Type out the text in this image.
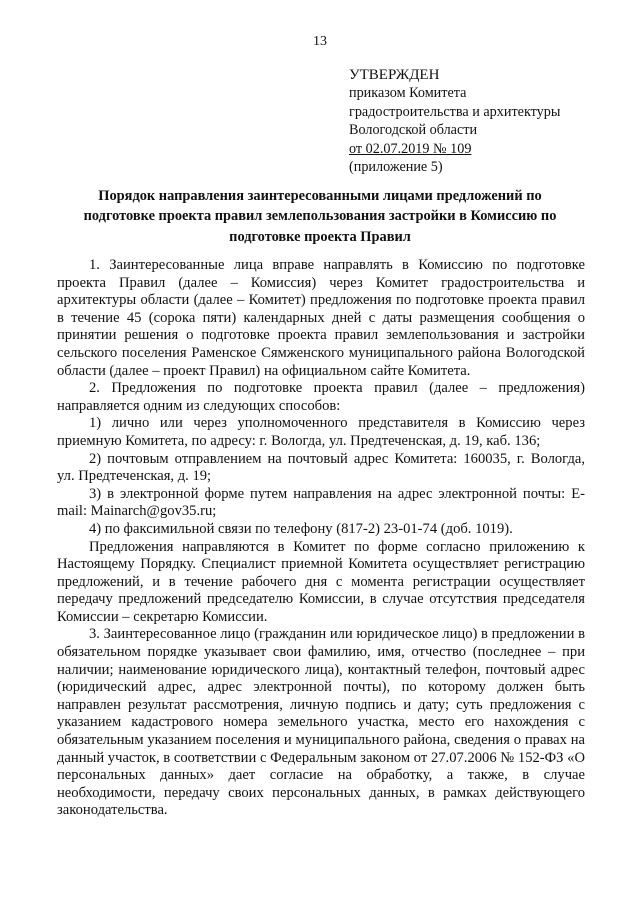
13
УТВЕРЖДЕН
приказом Комитета
градостроительства и архитектуры
Вологодской области
от 02.07.2019 № 109
(приложение 5)
Порядок направления заинтересованными лицами предложений по
подготовке проекта правил землепользования застройки в Комиссию по
подготовке проекта Правил

1. Заинтересованные лица вправе направлять в Комиссию по подготовке проекта Правил (далее – Комиссия) через Комитет градостроительства и архитектуры области (далее – Комитет) предложения по подготовке проекта правил в течение 45 (сорока пяти) календарных дней с даты размещения сообщения о принятии решения о подготовке проекта правил землепользования и застройки сельского поселения Раменское Сямженского муниципального района Вологодской области (далее – проект Правил) на официальном сайте Комитета.

2. Предложения по подготовке проекта правил (далее – предложения) направляется одним из следующих способов:

1) лично или через уполномоченного представителя в Комиссию через приемную Комитета, по адресу: г. Вологда, ул. Предтеченская, д. 19, каб. 136;

2) почтовым отправлением на почтовый адрес Комитета: 160035, г. Вологда, ул. Предтеченская, д. 19;

3) в электронной форме путем направления на адрес электронной почты: E-mail: Mainarch@gov35.ru;

4) по факсимильной связи по телефону (817-2) 23-01-74 (доб. 1019).

Предложения направляются в Комитет по форме согласно приложению к Настоящему Порядку. Специалист приемной Комитета осуществляет регистрацию предложений, и в течение рабочего дня с момента регистрации осуществляет передачу предложений председателю Комиссии, в случае отсутствия председателя Комиссии – секретарю Комиссии.

3. Заинтересованное лицо (гражданин или юридическое лицо) в предложении в обязательном порядке указывает свои фамилию, имя, отчество (последнее – при наличии; наименование юридического лица), контактный телефон, почтовый адрес (юридический адрес, адрес электронной почты), по которому должен быть направлен результат рассмотрения, личную подпись и дату; суть предложения с указанием кадастрового номера земельного участка, место его нахождения с обязательным указанием поселения и муниципального района, сведения о правах на данный участок, в соответствии с Федеральным законом от 27.07.2006 № 152-ФЗ «О персональных данных» дает согласие на обработку, а также, в случае необходимости, передачу своих персональных данных, в рамках действующего законодательства.
